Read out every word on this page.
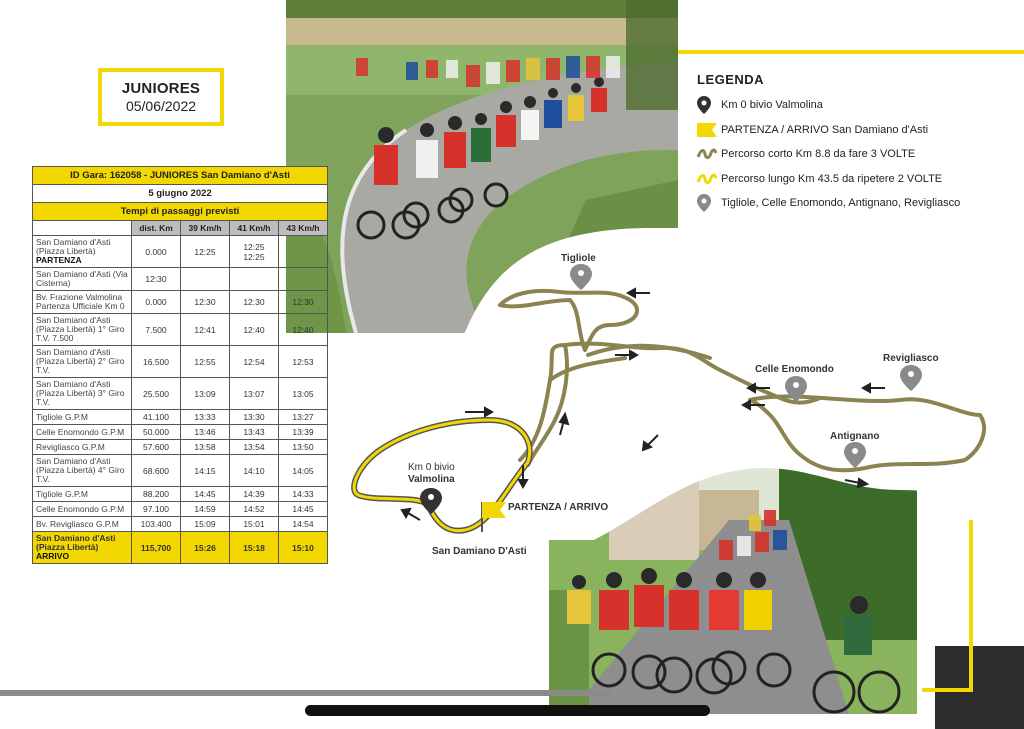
Tigliole
Celle Enomondo
Revigliasco
Antignano
Km 0 bivio
Valmolina
PARTENZA / ARRIVO
San Damiano D'Asti
JUNIORES
05/06/2022
ID Gara: 162058 - JUNIORES San Damiano d'Asti				
5 giugno 2022				
Tempi di passaggi previsti				
	dist. Km	39 Km/h	41 Km/h	43 Km/h
San Damiano d'Asti (Piazza Libertà)
PARTENZA	0.000	12:25	12:25 12:25	
San Damiano d'Asti (Via Cisterna)	12:30			
Bv. Frazione Valmolina Partenza Ufficiale Km 0	0.000	12:30	12:30	12:30
San Damiano d'Asti (Piazza Libertà) 1° Giro T.V. 7.500	7.500	12:41	12:40	12:40
San Damiano d'Asti (Piazza Libertà) 2° Giro T.V.	16.500	12:55	12:54	12:53
San Damiano d'Asti (Piazza Libertà) 3° Giro T.V.	25.500	13:09	13:07	13:05
Tigliole G.P.M	41.100	13:33	13:30	13:27
Celle Enomondo G.P.M	50.000	13:46	13:43	13:39
Revigliasco G.P.M	57.600	13:58	13:54	13:50
San Damiano d'Asti (Piazza Libertà) 4° Giro T.V.	68.600	14:15	14:10	14:05
Tigliole G.P.M	88.200	14:45	14:39	14:33
Celle Enomondo G.P.M	97.100	14:59	14:52	14:45
Bv. Revigliasco G.P.M	103.400	15:09	15:01	14:54
San Damiano d'Asti (Piazza Libertà)
ARRIVO	115,700	15:26	15:18	15:10
LEGENDA
Km 0 bivio Valmolina
PARTENZA / ARRIVO San Damiano d'Asti
Percorso corto Km 8.8 da fare 3 VOLTE
Percorso lungo Km 43.5 da ripetere 2 VOLTE
Tigliole, Celle Enomondo, Antignano, Revigliasco
